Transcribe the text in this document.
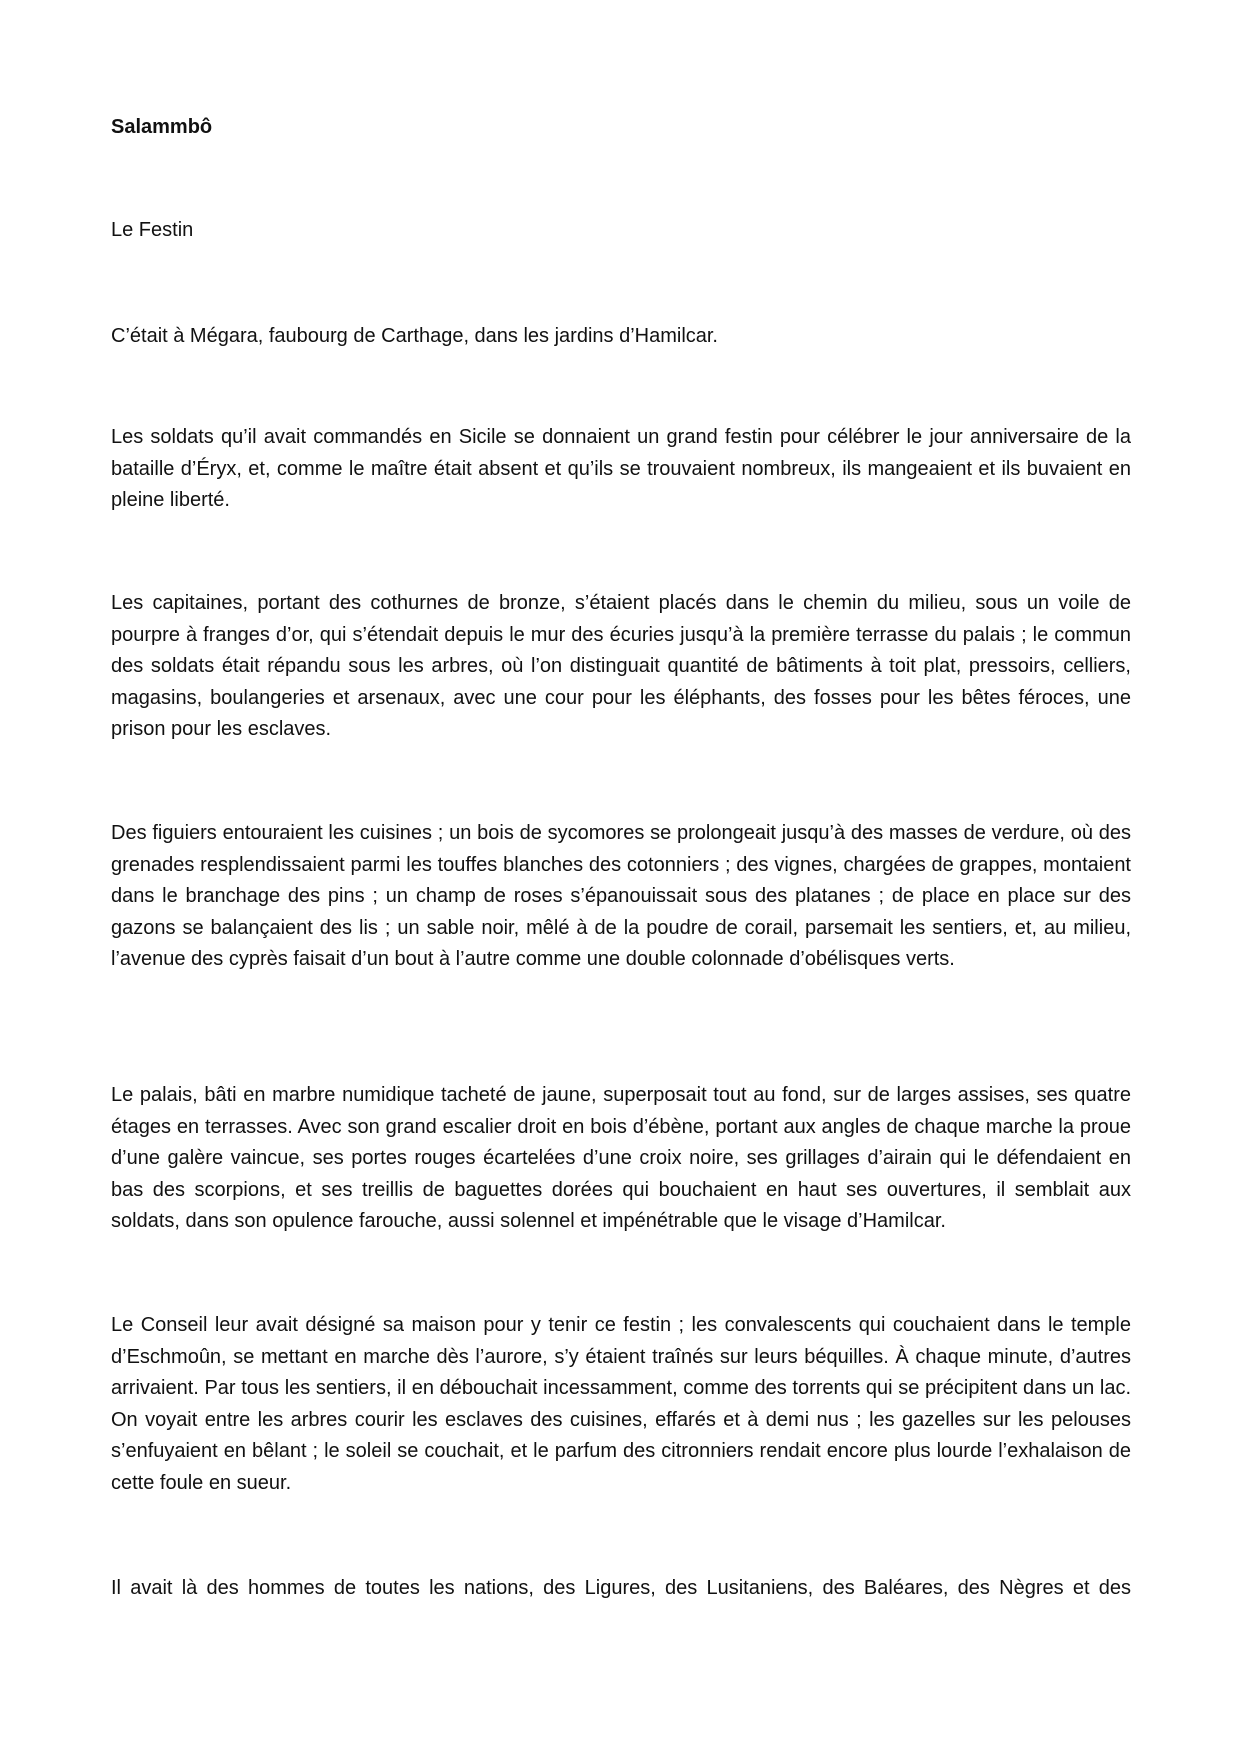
Salammbô
Le Festin

C’était à Mégara, faubourg de Carthage, dans les jardins d’Hamilcar.

Les soldats qu’il avait commandés en Sicile se donnaient un grand festin pour célébrer le jour anniversaire de la bataille d’Éryx, et, comme le maître était absent et qu’ils se trouvaient nombreux, ils mangeaient et ils buvaient en pleine liberté.

Les capitaines, portant des cothurnes de bronze, s’étaient placés dans le chemin du milieu, sous un voile de pourpre à franges d’or, qui s’étendait depuis le mur des écuries jusqu’à la première terrasse du palais ; le commun des soldats était répandu sous les arbres, où l’on distinguait quantité de bâtiments à toit plat, pressoirs, celliers, magasins, boulangeries et arsenaux, avec une cour pour les éléphants, des fosses pour les bêtes féroces, une prison pour les esclaves.

Des figuiers entouraient les cuisines ; un bois de sycomores se prolongeait jusqu’à des masses de verdure, où des grenades resplendissaient parmi les touffes blanches des cotonniers ; des vignes, chargées de grappes, montaient dans le branchage des pins ; un champ de roses s’épanouissait sous des platanes ; de place en place sur des gazons se balançaient des lis ; un sable noir, mêlé à de la poudre de corail, parsemait les sentiers, et, au milieu, l’avenue des cyprès faisait d’un bout à l’autre comme une double colonnade d’obélisques verts.

Le palais, bâti en marbre numidique tacheté de jaune, superposait tout au fond, sur de larges assises, ses quatre étages en terrasses. Avec son grand escalier droit en bois d’ébène, portant aux angles de chaque marche la proue d’une galère vaincue, ses portes rouges écartelées d’une croix noire, ses grillages d’airain qui le défendaient en bas des scorpions, et ses treillis de baguettes dorées qui bouchaient en haut ses ouvertures, il semblait aux soldats, dans son opulence farouche, aussi solennel et impénétrable que le visage d’Hamilcar.

Le Conseil leur avait désigné sa maison pour y tenir ce festin ; les convalescents qui couchaient dans le temple d’Eschmoûn, se mettant en marche dès l’aurore, s’y étaient traînés sur leurs béquilles. À chaque minute, d’autres arrivaient. Par tous les sentiers, il en débouchait incessamment, comme des torrents qui se précipitent dans un lac. On voyait entre les arbres courir les esclaves des cuisines, effarés et à demi nus ; les gazelles sur les pelouses s’enfuyaient en bêlant ; le soleil se couchait, et le parfum des citronniers rendait encore plus lourde l’exhalaison de cette foule en sueur.

Il avait là des hommes de toutes les nations, des Ligures, des Lusitaniens, des Baléares, des Nègres et des
